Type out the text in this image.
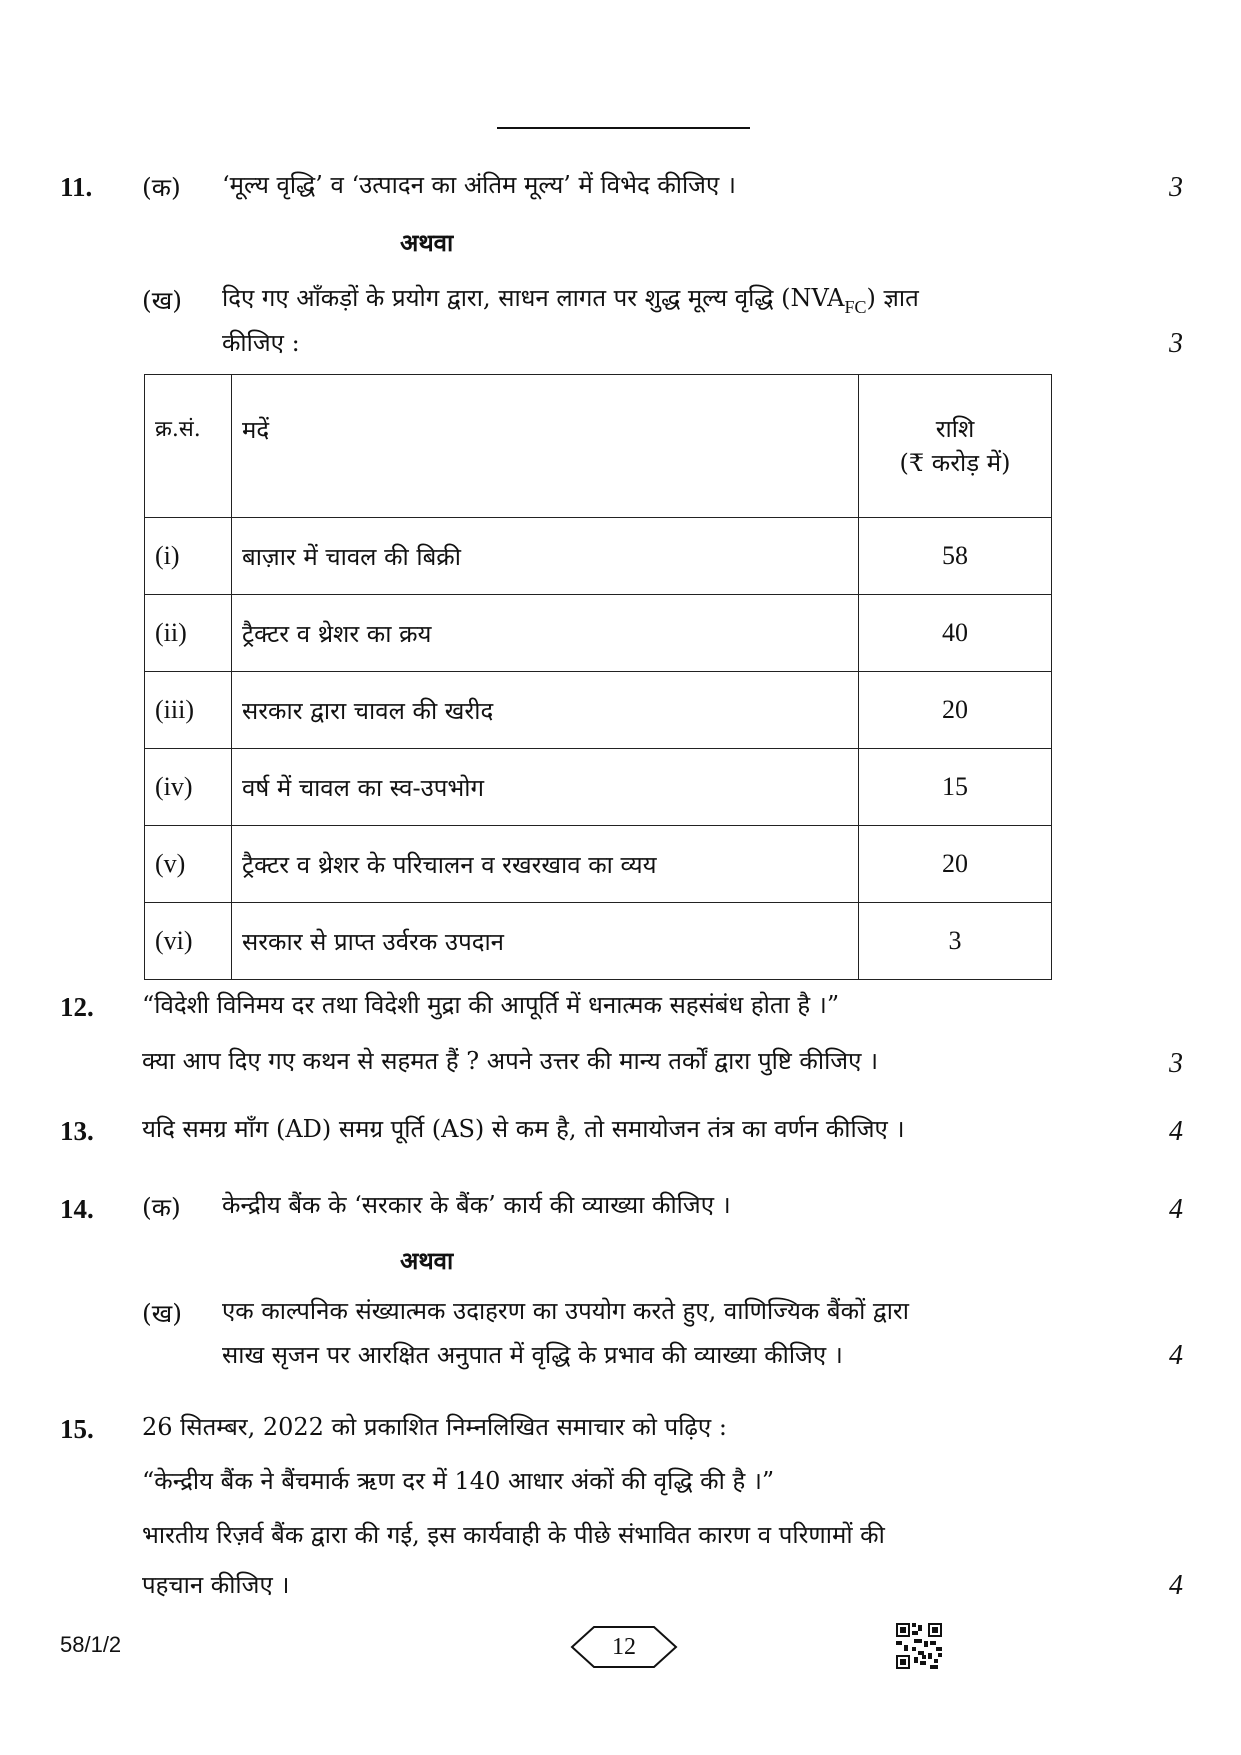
11. (क) ‘मूल्य वृद्धि’ व ‘उत्पादन का अंतिम मूल्य’ में विभेद कीजिए ।	3
अथवा
(ख) दिए गए आँकड़ों के प्रयोग द्वारा, साधन लागत पर शुद्ध मूल्य वृद्धि $(NVA_{FC})$ ज्ञात
कीजिए :	3
क्र.सं.	मदें	राशि
(₹ करोड़ में)

(i)	बाज़ार में चावल की बिक्री	58
(ii)	ट्रैक्टर व थ्रेशर का क्रय	40
(iii)	सरकार द्वारा चावल की खरीद	20
(iv)	वर्ष में चावल का स्व-उपभोग	15
(v)	ट्रैक्टर व थ्रेशर के परिचालन व रखरखाव का व्यय	20
(vi)	सरकार से प्राप्त उर्वरक उपदान	3
12. “विदेशी विनिमय दर तथा विदेशी मुद्रा की आपूर्ति में धनात्मक सहसंबंध होता है ।”
क्या आप दिए गए कथन से सहमत हैं ? अपने उत्तर की मान्य तर्कों द्वारा पुष्टि कीजिए ।	3
13. यदि समग्र माँग (AD) समग्र पूर्ति (AS) से कम है, तो समायोजन तंत्र का वर्णन कीजिए ।	4
14. (क) केन्द्रीय बैंक के ‘सरकार के बैंक’ कार्य की व्याख्या कीजिए ।	4
अथवा
(ख) एक काल्पनिक संख्यात्मक उदाहरण का उपयोग करते हुए, वाणिज्यिक बैंकों द्वारा
साख सृजन पर आरक्षित अनुपात में वृद्धि के प्रभाव की व्याख्या कीजिए ।	4
15. 26 सितम्बर, 2022 को प्रकाशित निम्नलिखित समाचार को पढ़िए :
“केन्द्रीय बैंक ने बैंचमार्क ऋण दर में 140 आधार अंकों की वृद्धि की है ।”
भारतीय रिज़र्व बैंक द्वारा की गई, इस कार्यवाही के पीछे संभावित कारण व परिणामों की
पहचान कीजिए ।	4
58/1/2	12
